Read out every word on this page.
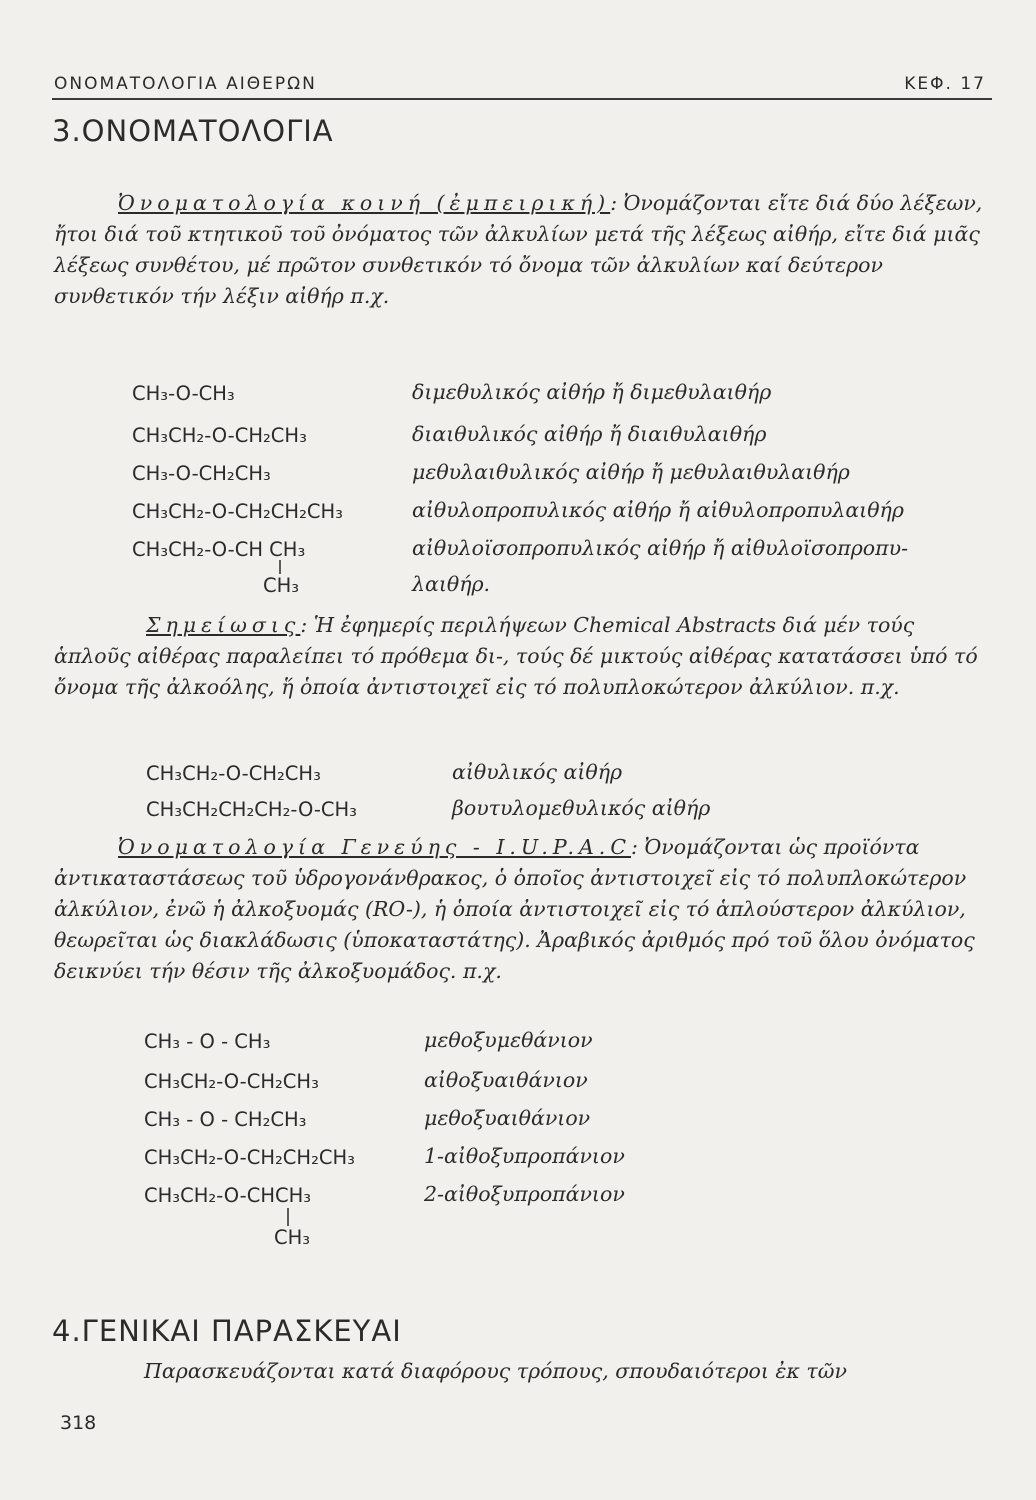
ΟΝΟΜΑΤΟΛΟΓΙΑ ΑΙΘΕΡΩΝ	ΚΕΦ. 17
3.ΟΝΟΜΑΤΟΛΟΓΙΑ
Ὀνοματολογία κοινή (ἐμπειρική): Ὀνομάζονται εἴτε διά δύο λέξεων, ἤτοι διά τοῦ κτητικοῦ τοῦ ὀνόματος τῶν ἀλκυλίων μετά τῆς λέξεως αἰθήρ, εἴτε διά μιᾶς λέξεως συνθέτου, μέ πρῶτον συνθετικόν τό ὄνομα τῶν ἀλκυλίων καί δεύτερον συνθετικόν τήν λέξιν αἰθήρ π.χ.
CH₃-O-CH₃	διμεθυλικός αἰθήρ ἤ διμεθυλαιθήρ
CH₃CH₂-O-CH₂CH₃	διαιθυλικός αἰθήρ ἤ διαιθυλαιθήρ
CH₃-O-CH₂CH₃	μεθυλαιθυλικός αἰθήρ ἤ μεθυλαιθυλαιθήρ
CH₃CH₂-O-CH₂CH₂CH₃	αἰθυλοπροπυλικός αἰθήρ ἤ αἰθυλοπροπυλαιθήρ
CH₃CH₂-O-CH CH₃	αἰθυλοϊσοπροπυλικός αἰθήρ ἤ αἰθυλοϊσοπροπυ-
CH₃	λαιθήρ.
Σημείωσις: Ἡ ἐφημερίς περιλήψεων Chemical Abstracts διά μέν τούς ἁπλοῦς αἰθέρας παραλείπει τό πρόθεμα δι-, τούς δέ μικτούς αἰθέρας κατατάσσει ὑπό τό ὄνομα τῆς ἀλκοόλης, ἥ ὁποία ἀντιστοιχεῖ εἰς τό πολυπλοκώτερον ἀλκύλιον. π.χ.
CH₃CH₂-O-CH₂CH₃	αἰθυλικός αἰθήρ
CH₃CH₂CH₂CH₂-O-CH₃	βουτυλομεθυλικός αἰθήρ
Ὀνοματολογία Γενεύης - I.U.P.A.C: Ὀνομάζονται ὡς προϊόντα ἀντικαταστάσεως τοῦ ὑδρογονάνθρακος, ὁ ὁποῖος ἀντιστοιχεῖ εἰς τό πολυπλοκώτερον ἀλκύλιον, ἐνῶ ἡ ἀλκοξυομάς (RO-), ἡ ὁποία ἀντιστοιχεῖ εἰς τό ἁπλούστερον ἀλκύλιον, θεωρεῖται ὡς διακλάδωσις (ὑποκαταστάτης). Ἀραβικός ἀριθμός πρό τοῦ ὅλου ὀνόματος δεικνύει τήν θέσιν τῆς ἀλκοξυομάδος. π.χ.
CH₃ - O - CH₃	μεθοξυμεθάνιον
CH₃CH₂-O-CH₂CH₃	αἰθοξυαιθάνιον
CH₃ - O - CH₂CH₃	μεθοξυαιθάνιον
CH₃CH₂-O-CH₂CH₂CH₃	1-αἰθοξυπροπάνιον
CH₃CH₂-O-CHCH₃	2-αἰθοξυπροπάνιον
CH₃
4.ΓΕΝΙΚΑΙ ΠΑΡΑΣΚΕΥΑΙ
Παρασκευάζονται κατά διαφόρους τρόπους, σπουδαιότεροι ἐκ τῶν
318
